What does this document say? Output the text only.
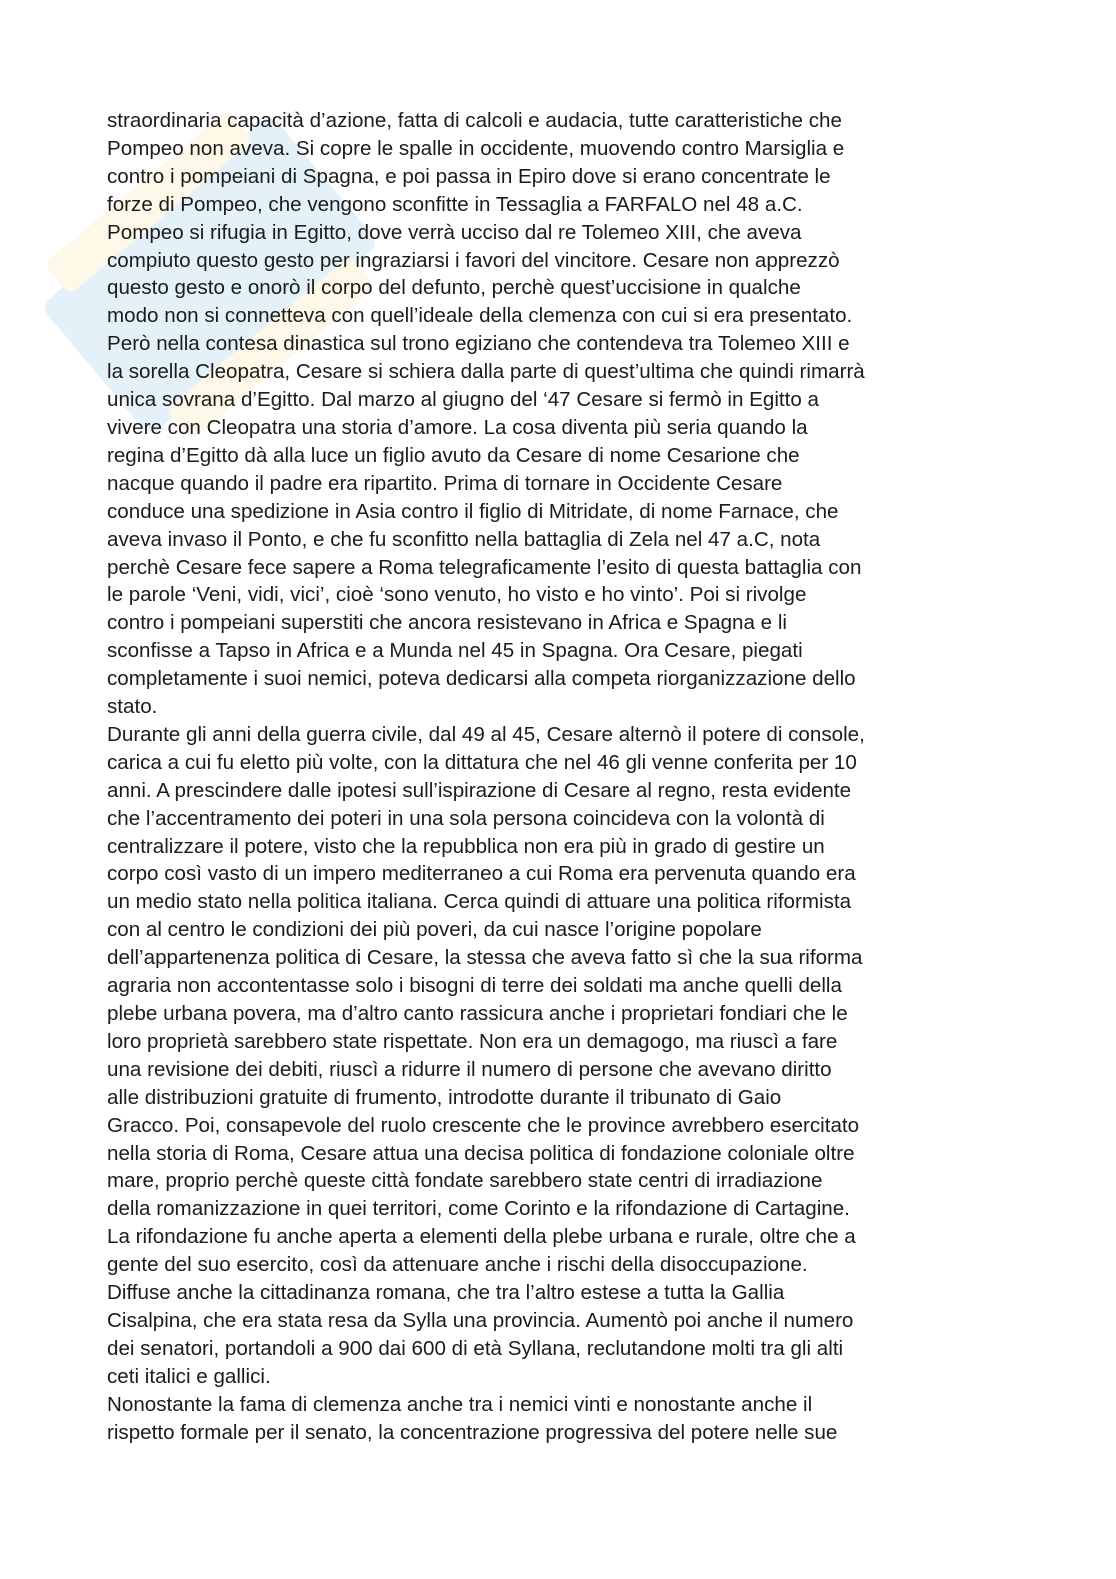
straordinaria capacità d’azione, fatta di calcoli e audacia, tutte caratteristiche che

Pompeo non aveva. Si copre le spalle in occidente, muovendo contro Marsiglia e

contro i pompeiani di Spagna, e poi passa in Epiro dove si erano concentrate le

forze di Pompeo, che vengono sconfitte in Tessaglia a FARFALO nel 48 a.C.

Pompeo si rifugia in Egitto, dove verrà ucciso dal re Tolemeo XIII, che aveva

compiuto questo gesto per ingraziarsi i favori del vincitore. Cesare non apprezzò

questo gesto e onorò il corpo del defunto, perchè quest’uccisione in qualche

modo non si connetteva con quell’ideale della clemenza con cui si era presentato.

Però nella contesa dinastica sul trono egiziano che contendeva tra Tolemeo XIII e

la sorella Cleopatra, Cesare si schiera dalla parte di quest’ultima che quindi rimarrà

unica sovrana d’Egitto. Dal marzo al giugno del ‘47 Cesare si fermò in Egitto a

vivere con Cleopatra una storia d’amore. La cosa diventa più seria quando la

regina d’Egitto dà alla luce un figlio avuto da Cesare di nome Cesarione che

nacque quando il padre era ripartito. Prima di tornare in Occidente Cesare

conduce una spedizione in Asia contro il figlio di Mitridate, di nome Farnace, che

aveva invaso il Ponto, e che fu sconfitto nella battaglia di Zela nel 47 a.C, nota

perchè Cesare fece sapere a Roma telegraficamente l’esito di questa battaglia con

le parole ‘Veni, vidi, vici’, cioè ‘sono venuto, ho visto e ho vinto’. Poi si rivolge

contro i pompeiani superstiti che ancora resistevano in Africa e Spagna e li

sconfisse a Tapso in Africa e a Munda nel 45 in Spagna. Ora Cesare, piegati

completamente i suoi nemici, poteva dedicarsi alla competa riorganizzazione dello

stato.

Durante gli anni della guerra civile, dal 49 al 45, Cesare alternò il potere di console,

carica a cui fu eletto più volte, con la dittatura che nel 46 gli venne conferita per 10

anni. A prescindere dalle ipotesi sull’ispirazione di Cesare al regno, resta evidente

che l’accentramento dei poteri in una sola persona coincideva con la volontà di

centralizzare il potere, visto che la repubblica non era più in grado di gestire un

corpo così vasto di un impero mediterraneo a cui Roma era pervenuta quando era

un medio stato nella politica italiana. Cerca quindi di attuare una politica riformista

con al centro le condizioni dei più poveri, da cui nasce l’origine popolare

dell’appartenenza politica di Cesare, la stessa che aveva fatto sì che la sua riforma

agraria non accontentasse solo i bisogni di terre dei soldati ma anche quelli della

plebe urbana povera, ma d’altro canto rassicura anche i proprietari fondiari che le

loro proprietà sarebbero state rispettate. Non era un demagogo, ma riuscì a fare

una revisione dei debiti, riuscì a ridurre il numero di persone che avevano diritto

alle distribuzioni gratuite di frumento, introdotte durante il tribunato di Gaio

Gracco. Poi, consapevole del ruolo crescente che le province avrebbero esercitato

nella storia di Roma, Cesare attua una decisa politica di fondazione coloniale oltre

mare, proprio perchè queste città fondate sarebbero state centri di irradiazione

della romanizzazione in quei territori, come Corinto e la rifondazione di Cartagine.

La rifondazione fu anche aperta a elementi della plebe urbana e rurale, oltre che a

gente del suo esercito, così da attenuare anche i rischi della disoccupazione.

Diffuse anche la cittadinanza romana, che tra l’altro estese a tutta la Gallia

Cisalpina, che era stata resa da Sylla una provincia. Aumentò poi anche il numero

dei senatori, portandoli a 900 dai 600 di età Syllana, reclutandone molti tra gli alti

ceti italici e gallici.

Nonostante la fama di clemenza anche tra i nemici vinti e nonostante anche il

rispetto formale per il senato, la concentrazione progressiva del potere nelle sue
